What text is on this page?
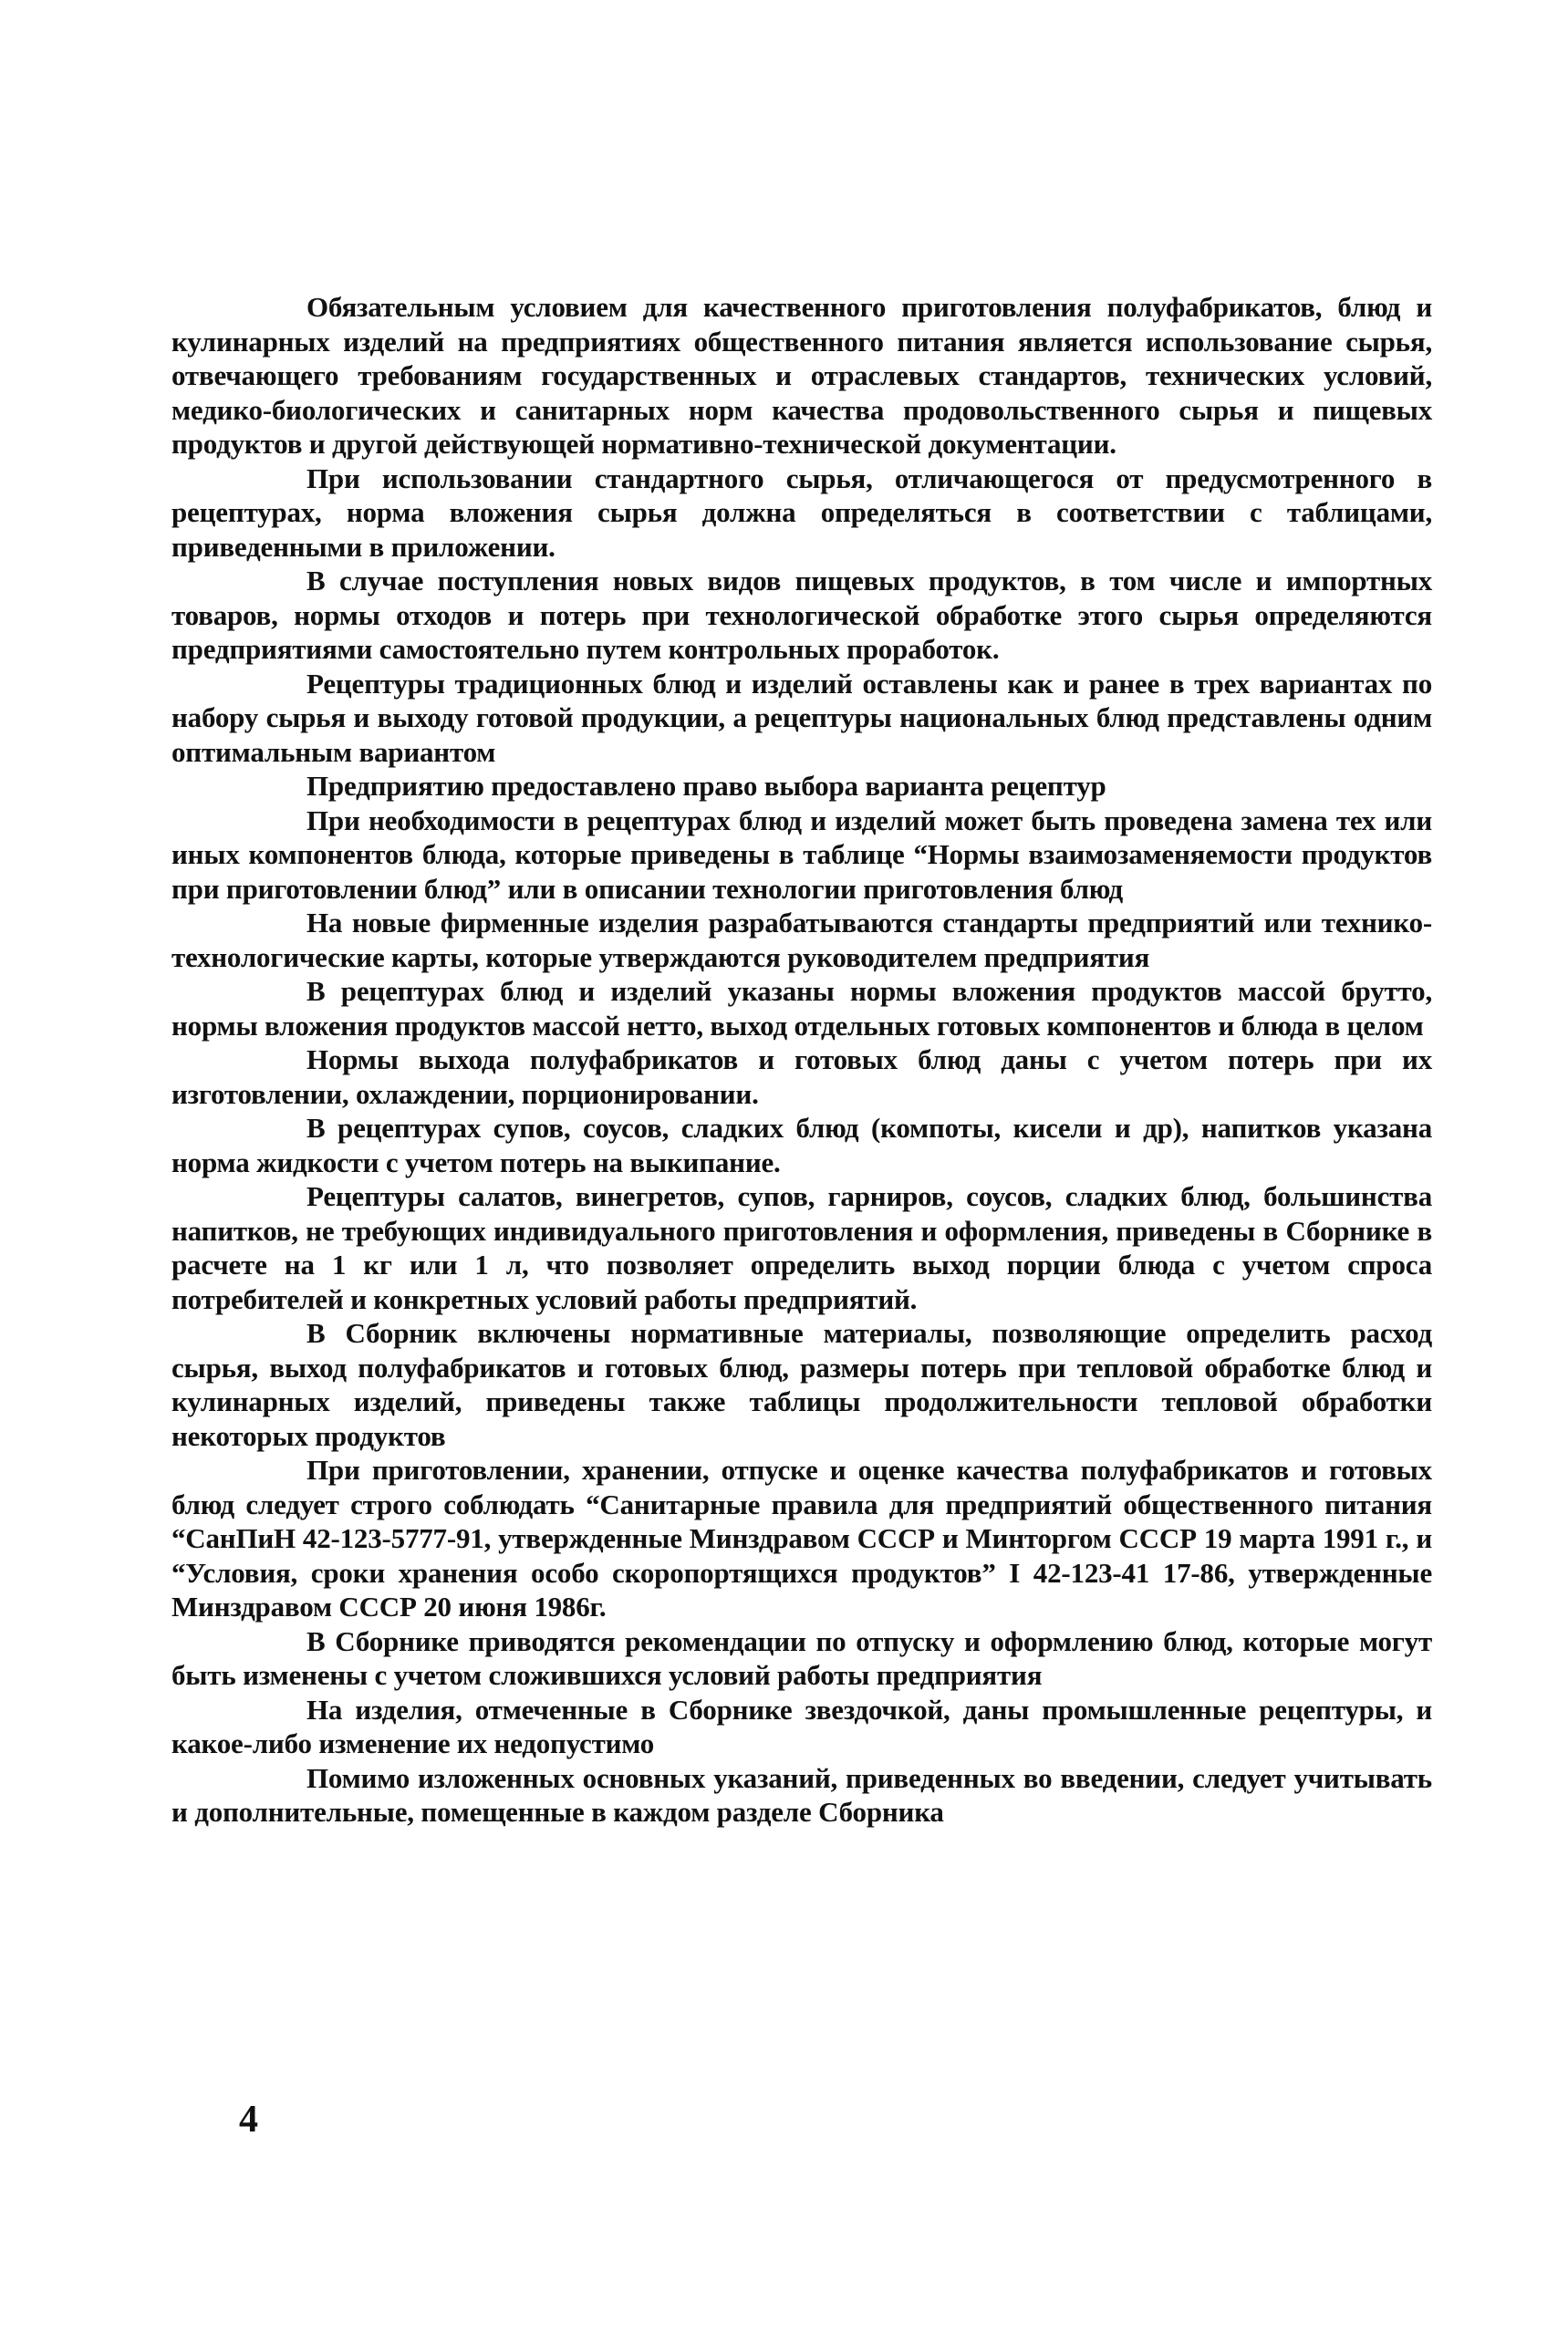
Обязательным условием для качественного приготовления полуфабрикатов, блюд и кулинарных изделий на предприятиях общественного питания является использование сырья, отвечающего требованиям государственных и отраслевых стандартов, технических условий, медико-биологических и санитарных норм качества продовольственного сырья и пищевых продуктов и другой действующей нормативно-технической документации.

При использовании стандартного сырья, отличающегося от предусмотренного в рецептурах, норма вложения сырья должна определяться в соответствии с таблицами, приведенными в приложении.

В случае поступления новых видов пищевых продуктов, в том числе и импортных товаров, нормы отходов и потерь при технологической обработке этого сырья определяются предприятиями самостоятельно путем контрольных проработок.

Рецептуры традиционных блюд и изделий оставлены как и ранее в трех вариантах по набору сырья и выходу готовой продукции, а рецептуры национальных блюд представлены одним оптимальным вариантом

Предприятию предоставлено право выбора варианта рецептур

При необходимости в рецептурах блюд и изделий может быть проведена замена тех или иных компонентов блюда, которые приведены в таблице “Нормы взаимозаменяемости продуктов при приготовлении блюд” или в описании технологии приготовления блюд

На новые фирменные изделия разрабатываются стандарты предприятий или технико-технологические карты, которые утверждаются руководителем предприятия

В рецептурах блюд и изделий указаны нормы вложения продуктов массой брутто, нормы вложения продуктов массой нетто, выход отдельных готовых компонентов и блюда в целом

Нормы выхода полуфабрикатов и готовых блюд даны с учетом потерь при их изготовлении, охлаждении, порционировании.

В рецептурах супов, соусов, сладких блюд (компоты, кисели и др), напитков указана норма жидкости с учетом потерь на выкипание.

Рецептуры салатов, винегретов, супов, гарниров, соусов, сладких блюд, большинства напитков, не требующих индивидуального приготовления и оформления, приведены в Сборнике в расчете на 1 кг или 1 л, что позволяет определить выход порции блюда с учетом спроса потребителей и конкретных условий работы предприятий.

В Сборник включены нормативные материалы, позволяющие определить расход сырья, выход полуфабрикатов и готовых блюд, размеры потерь при тепловой обработке блюд и кулинарных изделий, приведены также таблицы продолжительности тепловой обработки некоторых продуктов

При приготовлении, хранении, отпуске и оценке качества полуфабрикатов и готовых блюд следует строго соблюдать “Санитарные правила для предприятий общественного питания “СанПиН 42-123-5777-91, утвержденные Минздравом СССР и Минторгом СССР 19 марта 1991 г., и “Условия, сроки хранения особо скоропортящихся продуктов” I 42-123-41 17-86, утвержденные Минздравом СССР 20 июня 1986г.

В Сборнике приводятся рекомендации по отпуску и оформлению блюд, которые могут быть изменены с учетом сложившихся условий работы предприятия

На изделия, отмеченные в Сборнике звездочкой, даны промышленные рецептуры, и какое-либо изменение их недопустимо

Помимо изложенных основных указаний, приведенных во введении, следует учитывать и дополнительные, помещенные в каждом разделе Сборника

4
